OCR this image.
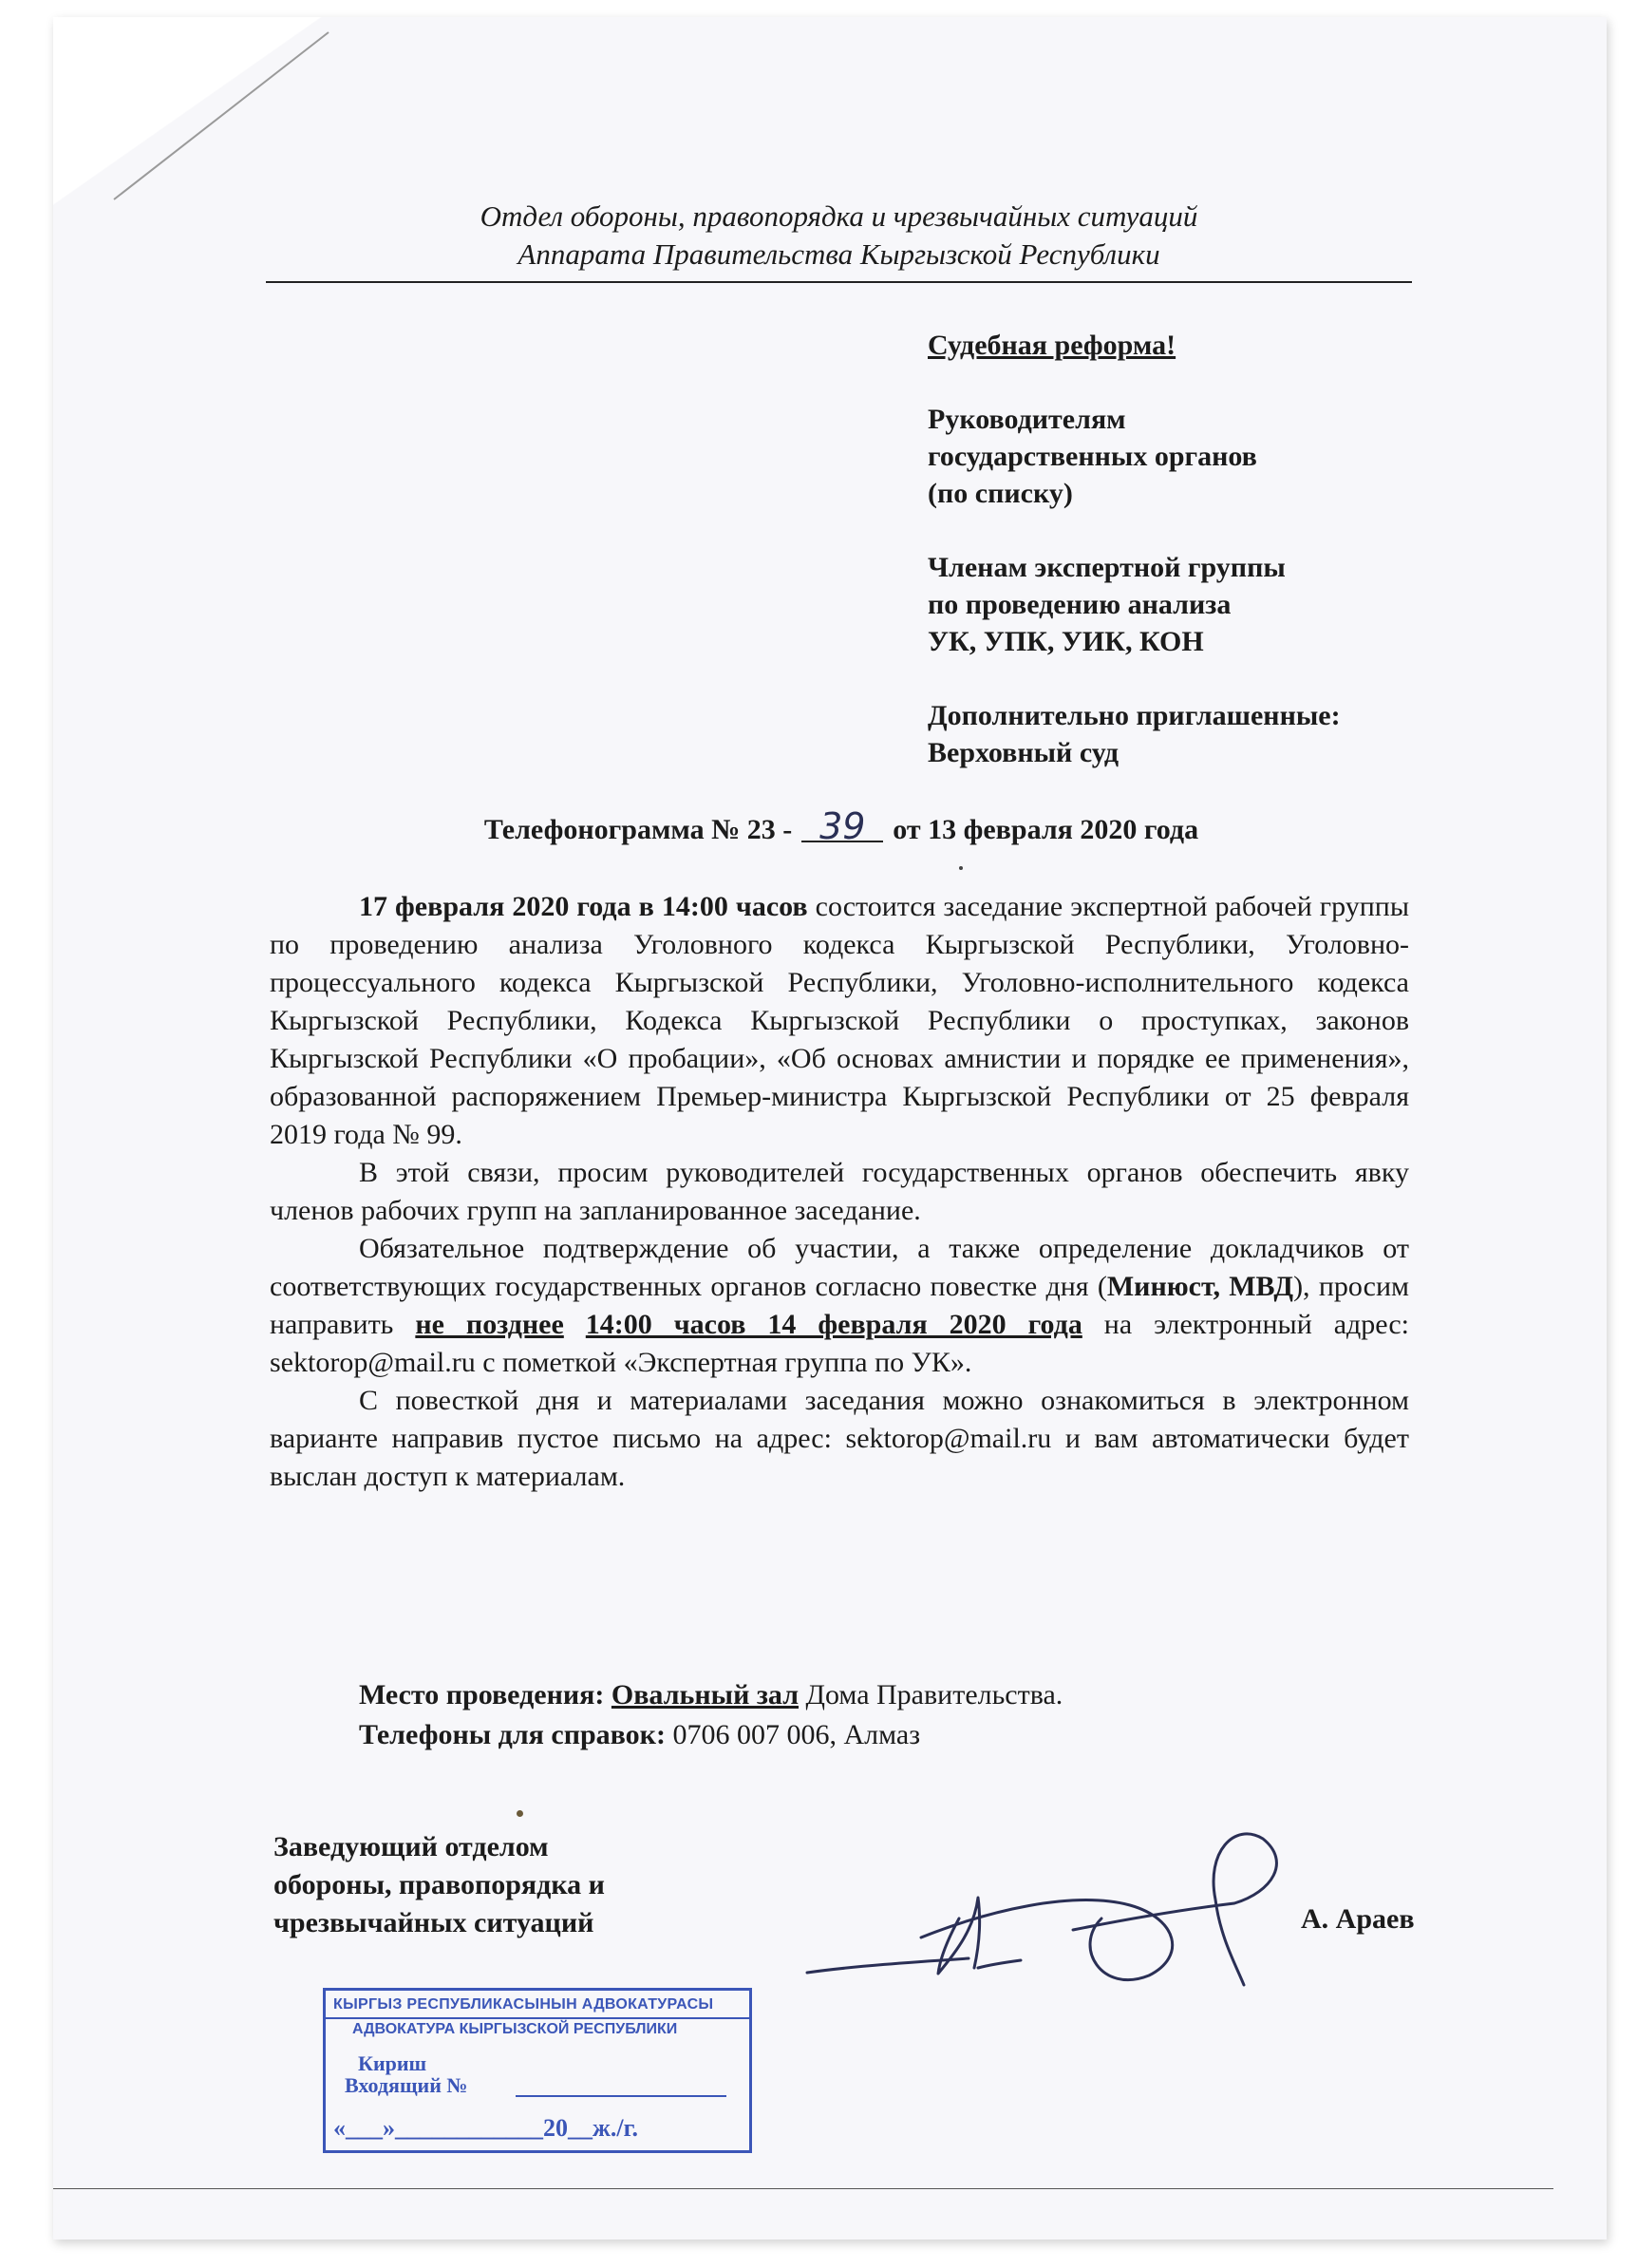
Отдел обороны, правопорядка и чрезвычайных ситуаций
Аппарата Правительства Кыргызской Республики
Судебная реформа!
Руководителям
государственных органов
(по списку)
Членам экспертной группы
по проведению анализа
УК, УПК, УИК, КОН
Дополнительно приглашенные:
Верховный суд
Телефонограмма № 23 - 39 от 13 февраля 2020 года

17 февраля 2020 года в 14:00 часов состоится заседание экспертной рабочей группы по проведению анализа Уголовного кодекса Кыргызской Республики, Уголовно-процессуального кодекса Кыргызской Республики, Уголовно-исполнительного кодекса Кыргызской Республики, Кодекса Кыргызской Республики о проступках, законов Кыргызской Республики «О пробации», «Об основах амнистии и порядке ее применения», образованной распоряжением Премьер-министра Кыргызской Республики от 25 февраля 2019 года № 99.

В этой связи, просим руководителей государственных органов обеспечить явку членов рабочих групп на запланированное заседание.

Обязательное подтверждение об участии, а также определение докладчиков от соответствующих государственных органов согласно повестке дня (Минюст, МВД), просим направить не позднее 14:00 часов 14 февраля 2020 года на электронный адрес: sektorop@mail.ru с пометкой «Экспертная группа по УК».

С повесткой дня и материалами заседания можно ознакомиться в электронном варианте направив пустое письмо на адрес: sektorop@mail.ru и вам автоматически будет выслан доступ к материалам.

Место проведения: Овальный зал Дома Правительства.
Телефоны для справок: 0706 007 006, Алмаз
Заведующий отделом
обороны, правопорядка и
чрезвычайных ситуаций	А. Араев
КЫРГЫЗ РЕСПУБЛИКАСЫНЫН АДВОКАТУРАСЫ
АДВОКАТУРА КЫРГЫЗСКОЙ РЕСПУБЛИКИ
Кириш
Входящий №
«___»____________20__ж./г.
